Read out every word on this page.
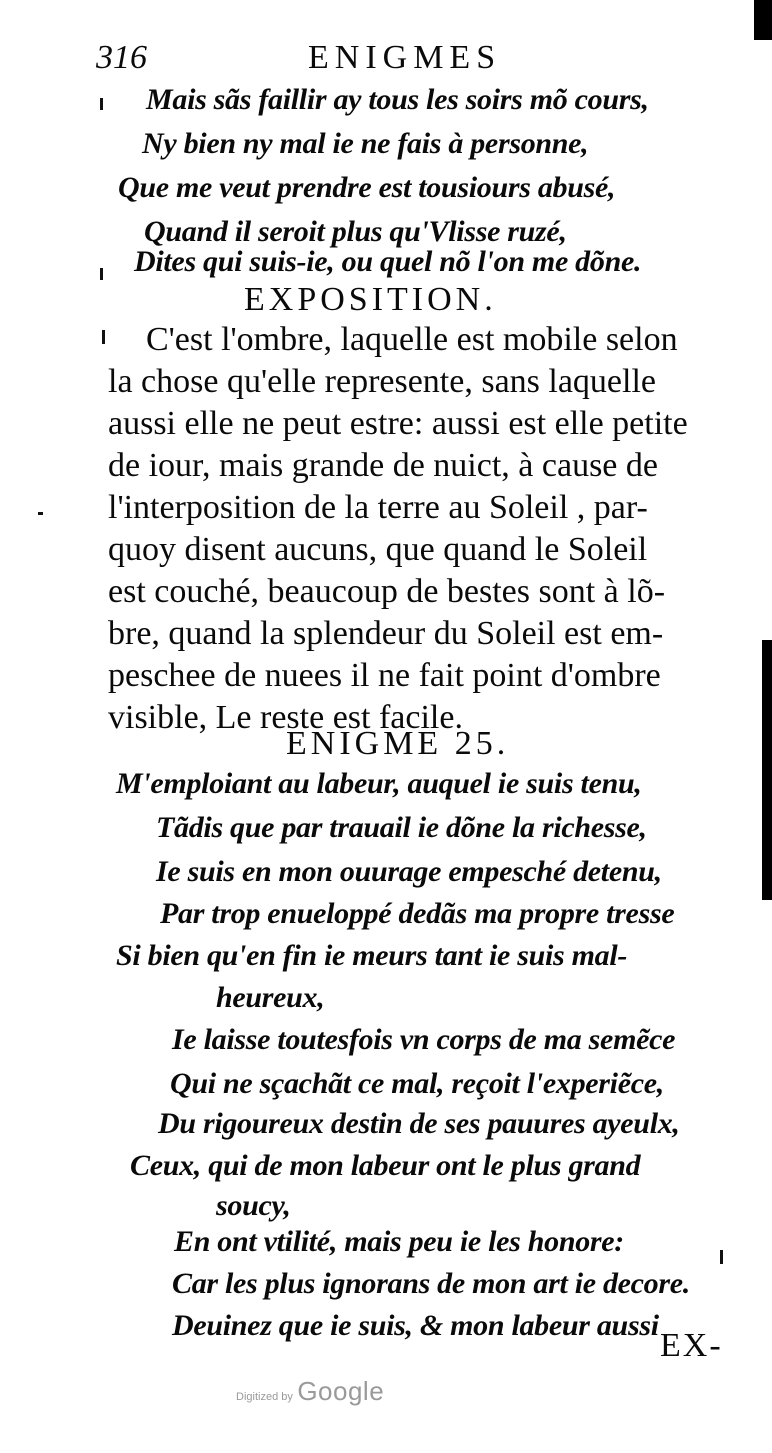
316	ENIGMES
Mais sãs faillir ay tous les soirs mõ cours,
Ny bien ny mal ie ne fais à personne,
Que me veut prendre est tousiours abusé,
Quand il seroit plus qu'Vlisse ruzé,
Dites qui suis-ie, ou quel nõ l'on me dõne.
EXPOSITION.
C'est l'ombre, laquelle est mobile selon
la chose qu'elle represente, sans laquelle
aussi elle ne peut estre: aussi est elle petite
de iour, mais grande de nuict, à cause de
l'interposition de la terre au Soleil , par-
quoy disent aucuns, que quand le Soleil
est couché, beaucoup de bestes sont à lõ-
bre, quand la splendeur du Soleil est em-
peschee de nuees il ne fait point d'ombre
visible, Le reste est facile.
ENIGME 25.
M'emploiant au labeur, auquel ie suis tenu,
Tãdis que par trauail ie dõne la richesse,
Ie suis en mon ouurage empesché detenu,
Par trop enueloppé dedãs ma propre tresse
Si bien qu'en fin ie meurs tant ie suis mal-
heureux,
Ie laisse toutesfois vn corps de ma semẽce
Qui ne sçachãt ce mal, reçoit l'experiẽce,
Du rigoureux destin de ses pauures ayeulx,
Ceux, qui de mon labeur ont le plus grand
soucy,
En ont vtilité, mais peu ie les honore:
Car les plus ignorans de mon art ie decore.
Deuinez que ie suis, & mon labeur aussi
EX-
Digitized by Google
